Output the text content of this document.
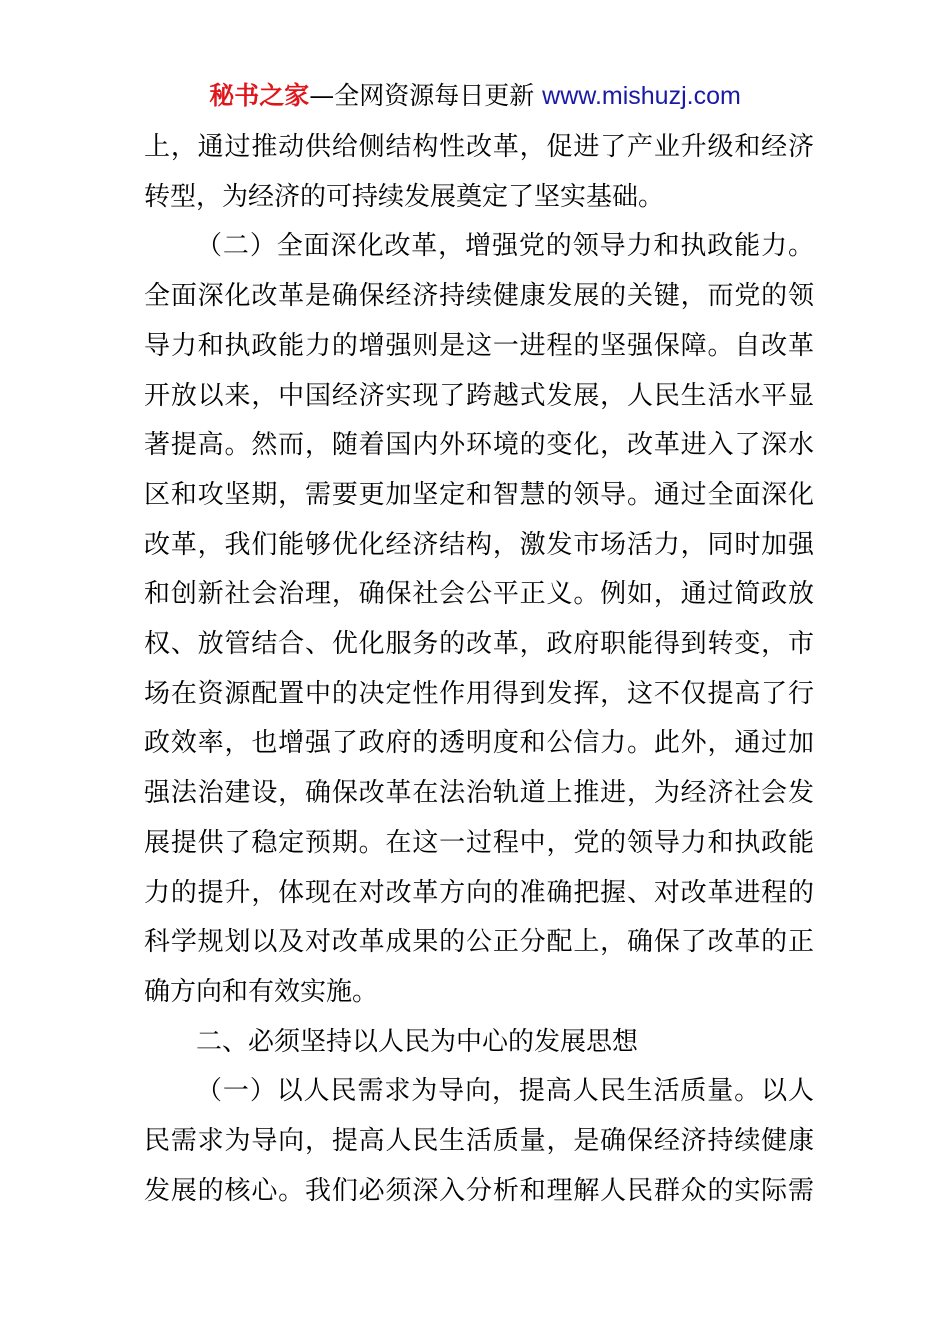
秘书之家—全网资源每日更新 www.mishuzj.com
上，通过推动供给侧结构性改革，促进了产业升级和经济
转型，为经济的可持续发展奠定了坚实基础。
（二）全面深化改革，增强党的领导力和执政能力。
全面深化改革是确保经济持续健康发展的关键，而党的领
导力和执政能力的增强则是这一进程的坚强保障。自改革
开放以来，中国经济实现了跨越式发展，人民生活水平显
著提高。然而，随着国内外环境的变化，改革进入了深水
区和攻坚期，需要更加坚定和智慧的领导。通过全面深化
改革，我们能够优化经济结构，激发市场活力，同时加强
和创新社会治理，确保社会公平正义。例如，通过简政放
权、放管结合、优化服务的改革，政府职能得到转变，市
场在资源配置中的决定性作用得到发挥，这不仅提高了行
政效率，也增强了政府的透明度和公信力。此外，通过加
强法治建设，确保改革在法治轨道上推进，为经济社会发
展提供了稳定预期。在这一过程中，党的领导力和执政能
力的提升，体现在对改革方向的准确把握、对改革进程的
科学规划以及对改革成果的公正分配上，确保了改革的正
确方向和有效实施。
二、必须坚持以人民为中心的发展思想
（一）以人民需求为导向，提高人民生活质量。以人
民需求为导向，提高人民生活质量，是确保经济持续健康
发展的核心。我们必须深入分析和理解人民群众的实际需
